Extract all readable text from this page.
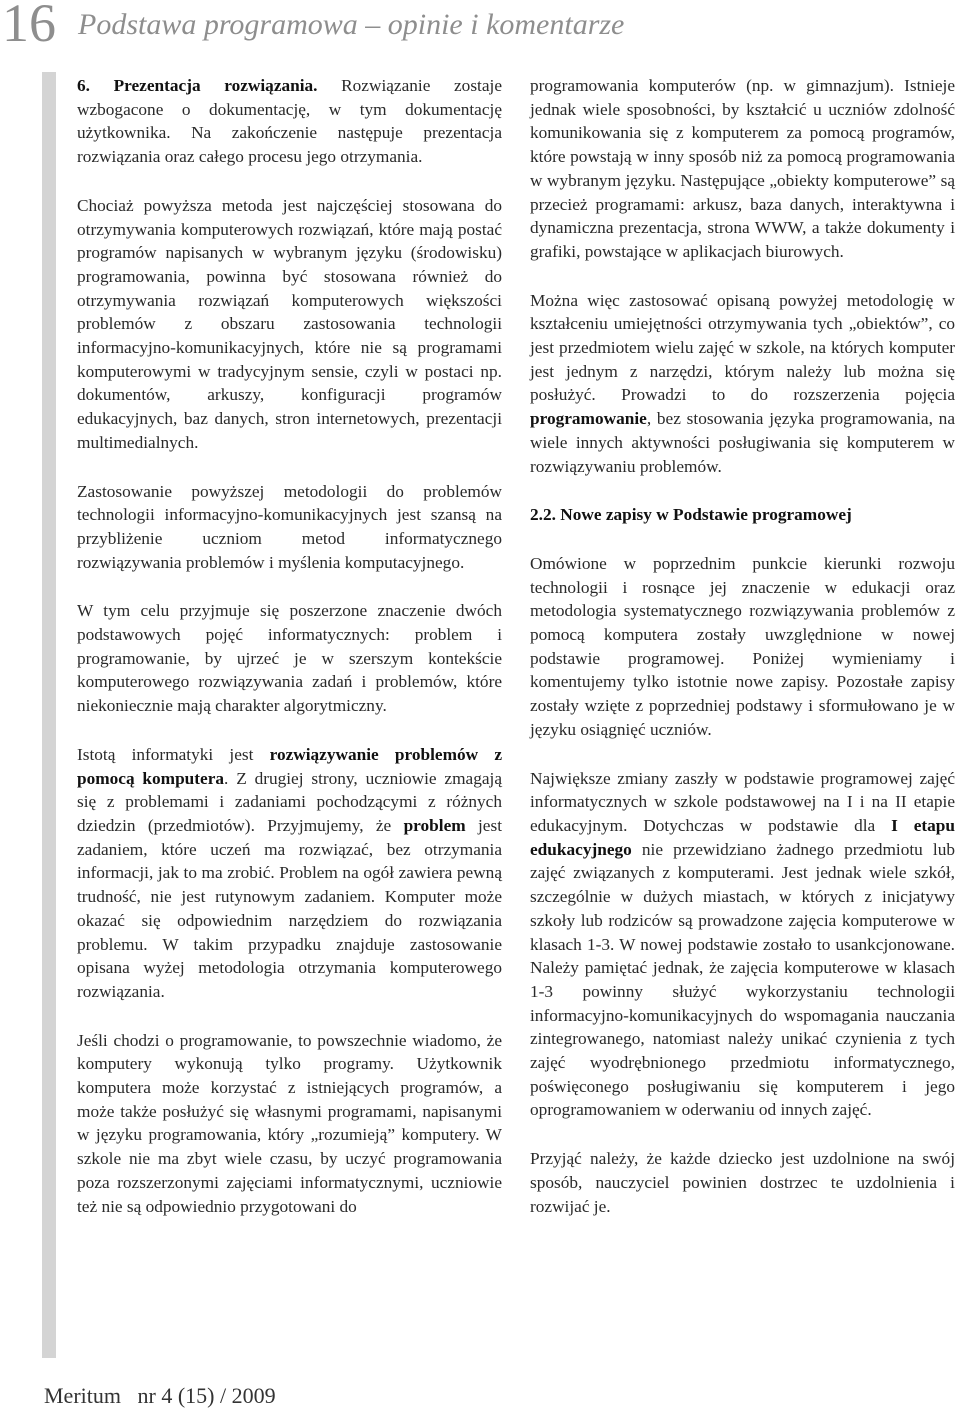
16 Podstawa programowa – opinie i komentarze

6. Prezentacja rozwiązania. Rozwiązanie zostaje wzbogacone o dokumentację, w tym dokumentację użytkownika. Na zakończenie następuje prezentacja rozwiązania oraz całego procesu jego otrzymania.

Chociaż powyższa metoda jest najczęściej stosowana do otrzymywania komputerowych rozwiązań, które mają postać programów napisanych w wybranym języku (środowisku) programowania, powinna być stosowana również do otrzymywania rozwiązań komputerowych większości problemów z obszaru zastosowania technologii informacyjno-komunikacyjnych, które nie są programami komputerowymi w tradycyjnym sensie, czyli w postaci np. dokumentów, arkuszy, konfiguracji programów edukacyjnych, baz danych, stron internetowych, prezentacji multimedialnych.

Zastosowanie powyższej metodologii do problemów technologii informacyjno-komunikacyjnych jest szansą na przybliżenie uczniom metod informatycznego rozwiązywania problemów i myślenia komputacyjnego.

W tym celu przyjmuje się poszerzone znaczenie dwóch podstawowych pojęć informatycznych: problem i programowanie, by ujrzeć je w szerszym kontekście komputerowego rozwiązywania zadań i problemów, które niekoniecznie mają charakter algorytmiczny.

Istotą informatyki jest rozwiązywanie problemów z pomocą komputera. Z drugiej strony, uczniowie zmagają się z problemami i zadaniami pochodzącymi z różnych dziedzin (przedmiotów). Przyjmujemy, że problem jest zadaniem, które uczeń ma rozwiązać, bez otrzymania informacji, jak to ma zrobić. Problem na ogół zawiera pewną trudność, nie jest rutynowym zadaniem. Komputer może okazać się odpowiednim narzędziem do rozwiązania problemu. W takim przypadku znajduje zastosowanie opisana wyżej metodologia otrzymania komputerowego rozwiązania.

Jeśli chodzi o programowanie, to powszechnie wiadomo, że komputery wykonują tylko programy. Użytkownik komputera może korzystać z istniejących programów, a może także posłużyć się własnymi programami, napisanymi w języku programowania, który „rozumieją” komputery. W szkole nie ma zbyt wiele czasu, by uczyć programowania poza rozszerzonymi zajęciami informatycznymi, uczniowie też nie są odpowiednio przygotowani do

programowania komputerów (np. w gimnazjum). Istnieje jednak wiele sposobności, by kształcić u uczniów zdolność komunikowania się z komputerem za pomocą programów, które powstają w inny sposób niż za pomocą programowania w wybranym języku. Następujące „obiekty komputerowe” są przecież programami: arkusz, baza danych, interaktywna i dynamiczna prezentacja, strona WWW, a także dokumenty i grafiki, powstające w aplikacjach biurowych.

Można więc zastosować opisaną powyżej metodologię w kształceniu umiejętności otrzymywania tych „obiektów”, co jest przedmiotem wielu zajęć w szkole, na których komputer jest jednym z narzędzi, którym należy lub można się posłużyć. Prowadzi to do rozszerzenia pojęcia programowanie, bez stosowania języka programowania, na wiele innych aktywności posługiwania się komputerem w rozwiązywaniu problemów.

2.2. Nowe zapisy w Podstawie programowej

Omówione w poprzednim punkcie kierunki rozwoju technologii i rosnące jej znaczenie w edukacji oraz metodologia systematycznego rozwiązywania problemów z pomocą komputera zostały uwzględnione w nowej podstawie programowej. Poniżej wymieniamy i komentujemy tylko istotnie nowe zapisy. Pozostałe zapisy zostały wzięte z poprzedniej podstawy i sformułowano je w języku osiągnięć uczniów.

Największe zmiany zaszły w podstawie programowej zajęć informatycznych w szkole podstawowej na I i na II etapie edukacyjnym. Dotychczas w podstawie dla I etapu edukacyjnego nie przewidziano żadnego przedmiotu lub zajęć związanych z komputerami. Jest jednak wiele szkół, szczególnie w dużych miastach, w których z inicjatywy szkoły lub rodziców są prowadzone zajęcia komputerowe w klasach 1-3. W nowej podstawie zostało to usankcjonowane. Należy pamiętać jednak, że zajęcia komputerowe w klasach 1-3 powinny służyć wykorzystaniu technologii informacyjno-komunikacyjnych do wspomagania nauczania zintegrowanego, natomiast należy unikać czynienia z tych zajęć wyodrębnionego przedmiotu informatycznego, poświęconego posługiwaniu się komputerem i jego oprogramowaniem w oderwaniu od innych zajęć.

Przyjąć należy, że każde dziecko jest uzdolnione na swój sposób, nauczyciel powinien dostrzec te uzdolnienia i rozwijać je.

Meritum   nr 4 (15) / 2009
